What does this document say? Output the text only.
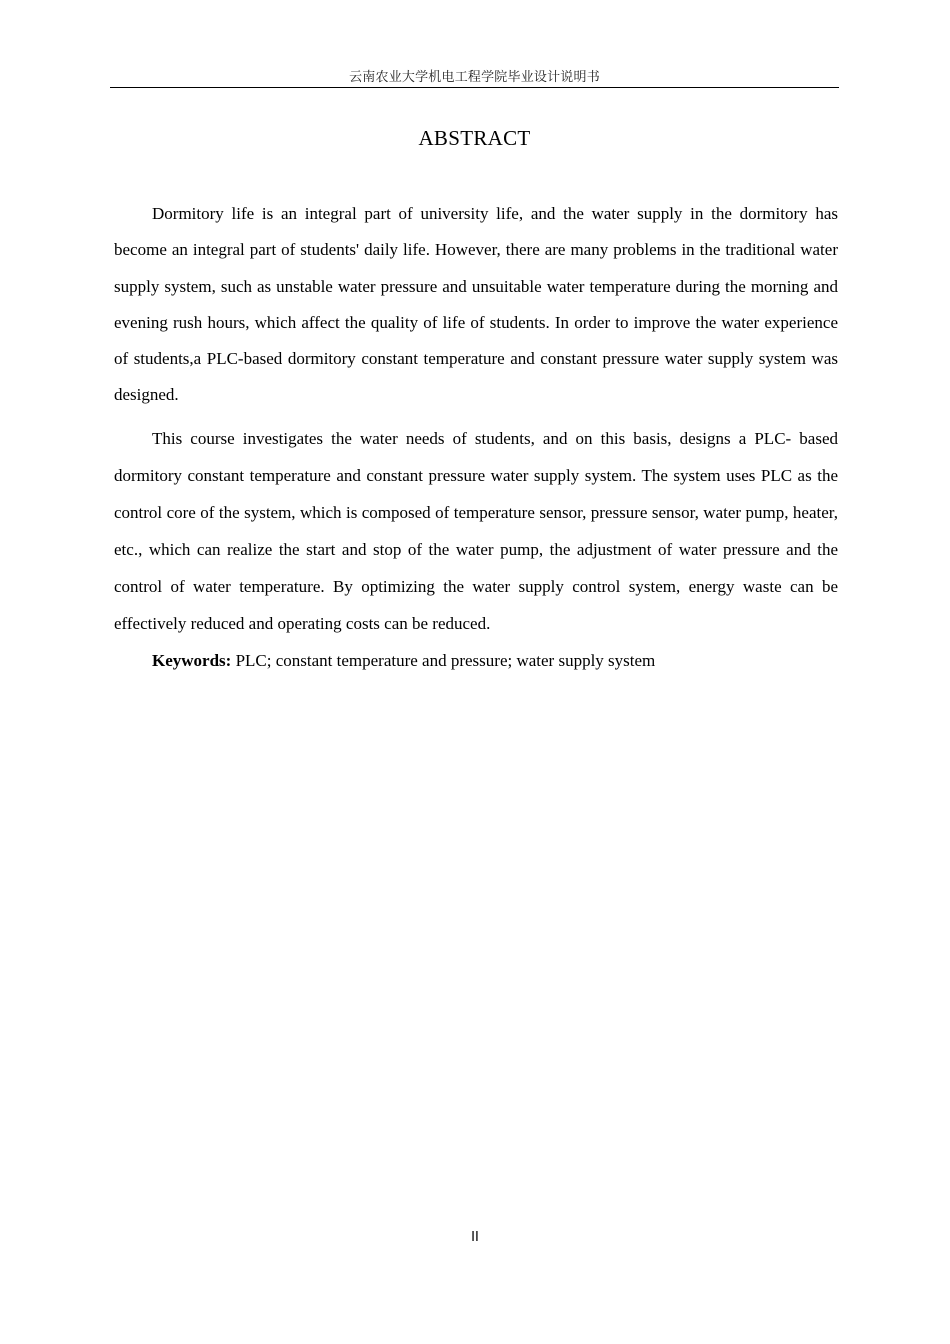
云南农业大学机电工程学院毕业设计说明书
ABSTRACT

Dormitory life is an integral part of university life, and the water supply in the dormitory has become an integral part of students' daily life. However, there are many problems in the traditional water supply system, such as unstable water pressure and unsuitable water temperature during the morning and evening rush hours, which affect the quality of life of students. In order to improve the water experience of students,a PLC-based dormitory constant temperature and constant pressure water supply system was designed.

This course investigates the water needs of students, and on this basis, designs a PLC- based dormitory constant temperature and constant pressure water supply system. The system uses PLC as the control core of the system, which is composed of temperature sensor, pressure sensor, water pump, heater, etc., which can realize the start and stop of the water pump, the adjustment of water pressure and the control of water temperature. By optimizing the water supply control system, energy waste can be effectively reduced and operating costs can be reduced.

Keywords: PLC; constant temperature and pressure; water supply system

II
